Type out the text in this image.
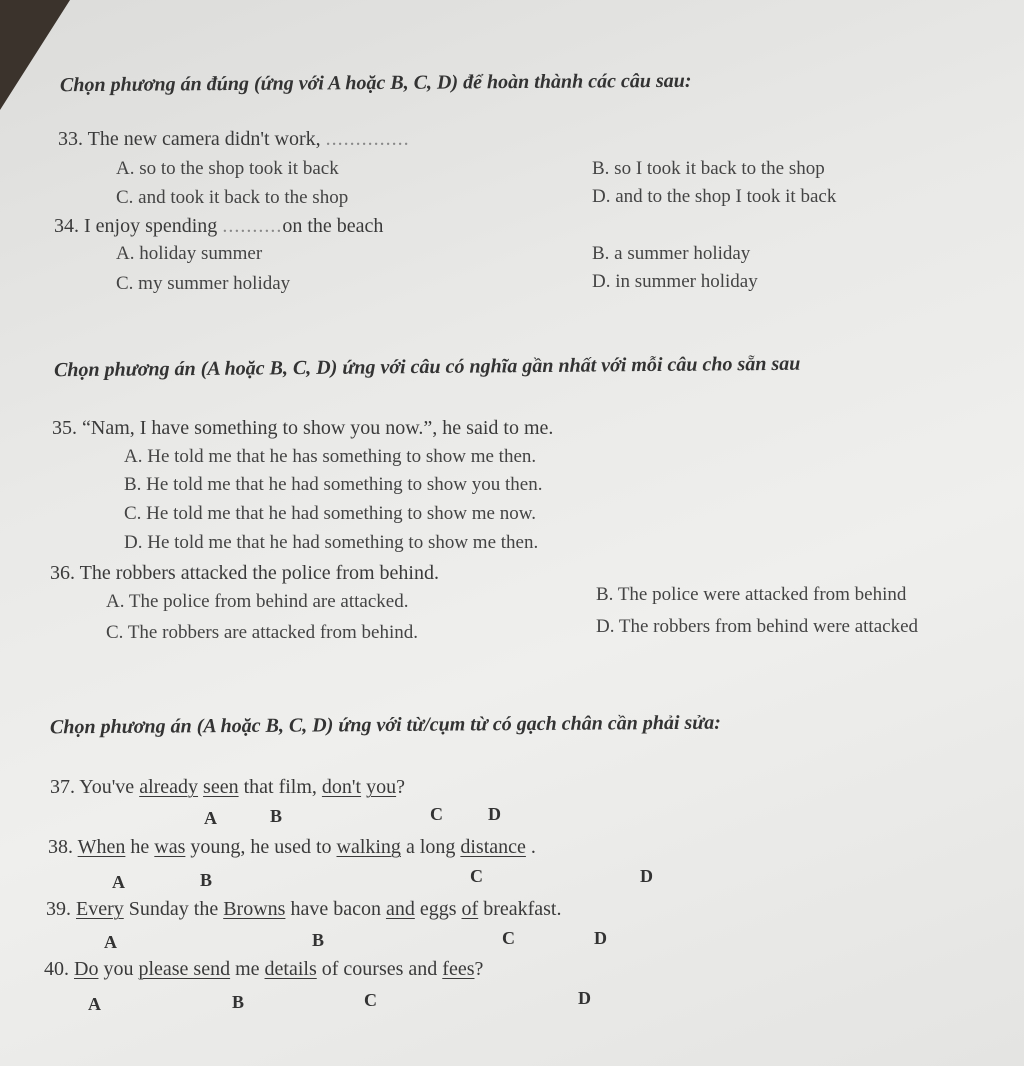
Chọn phương án đúng (ứng với A hoặc B, C, D) để hoàn thành các câu sau:
33. The new camera didn't work, ..............
A. so to the shop took it back	B. so I took it back to the shop
C. and took it back to the shop	D. and to the shop I took it back
34. I enjoy spending ..........on the beach
A. holiday summer	B. a summer holiday
C. my summer holiday	D. in summer holiday
Chọn phương án (A hoặc B, C, D) ứng với câu có nghĩa gần nhất với mỗi câu cho sẵn sau
35. “Nam, I have something to show you now.”, he said to me.
A. He told me that he has something to show me then.
B. He told me that he had something to show you then.
C. He told me that he had something to show me now.
D. He told me that he had something to show me then.
36. The robbers attacked the police from behind.
A. The police from behind are attacked.	B. The police were attacked from behind
C. The robbers are attacked from behind.	D. The robbers from behind were attacked
Chọn phương án (A hoặc B, C, D) ứng với từ/cụm từ có gạch chân cần phải sửa:
37. You've already seen that film, don't you?
A	B	C	D
38. When he was young, he used to walking a long distance .
A	B	C	D
39. Every Sunday the Browns have bacon and eggs of breakfast.
A	B	C	D
40. Do you please send me details of courses and fees?
A	B	C	D
